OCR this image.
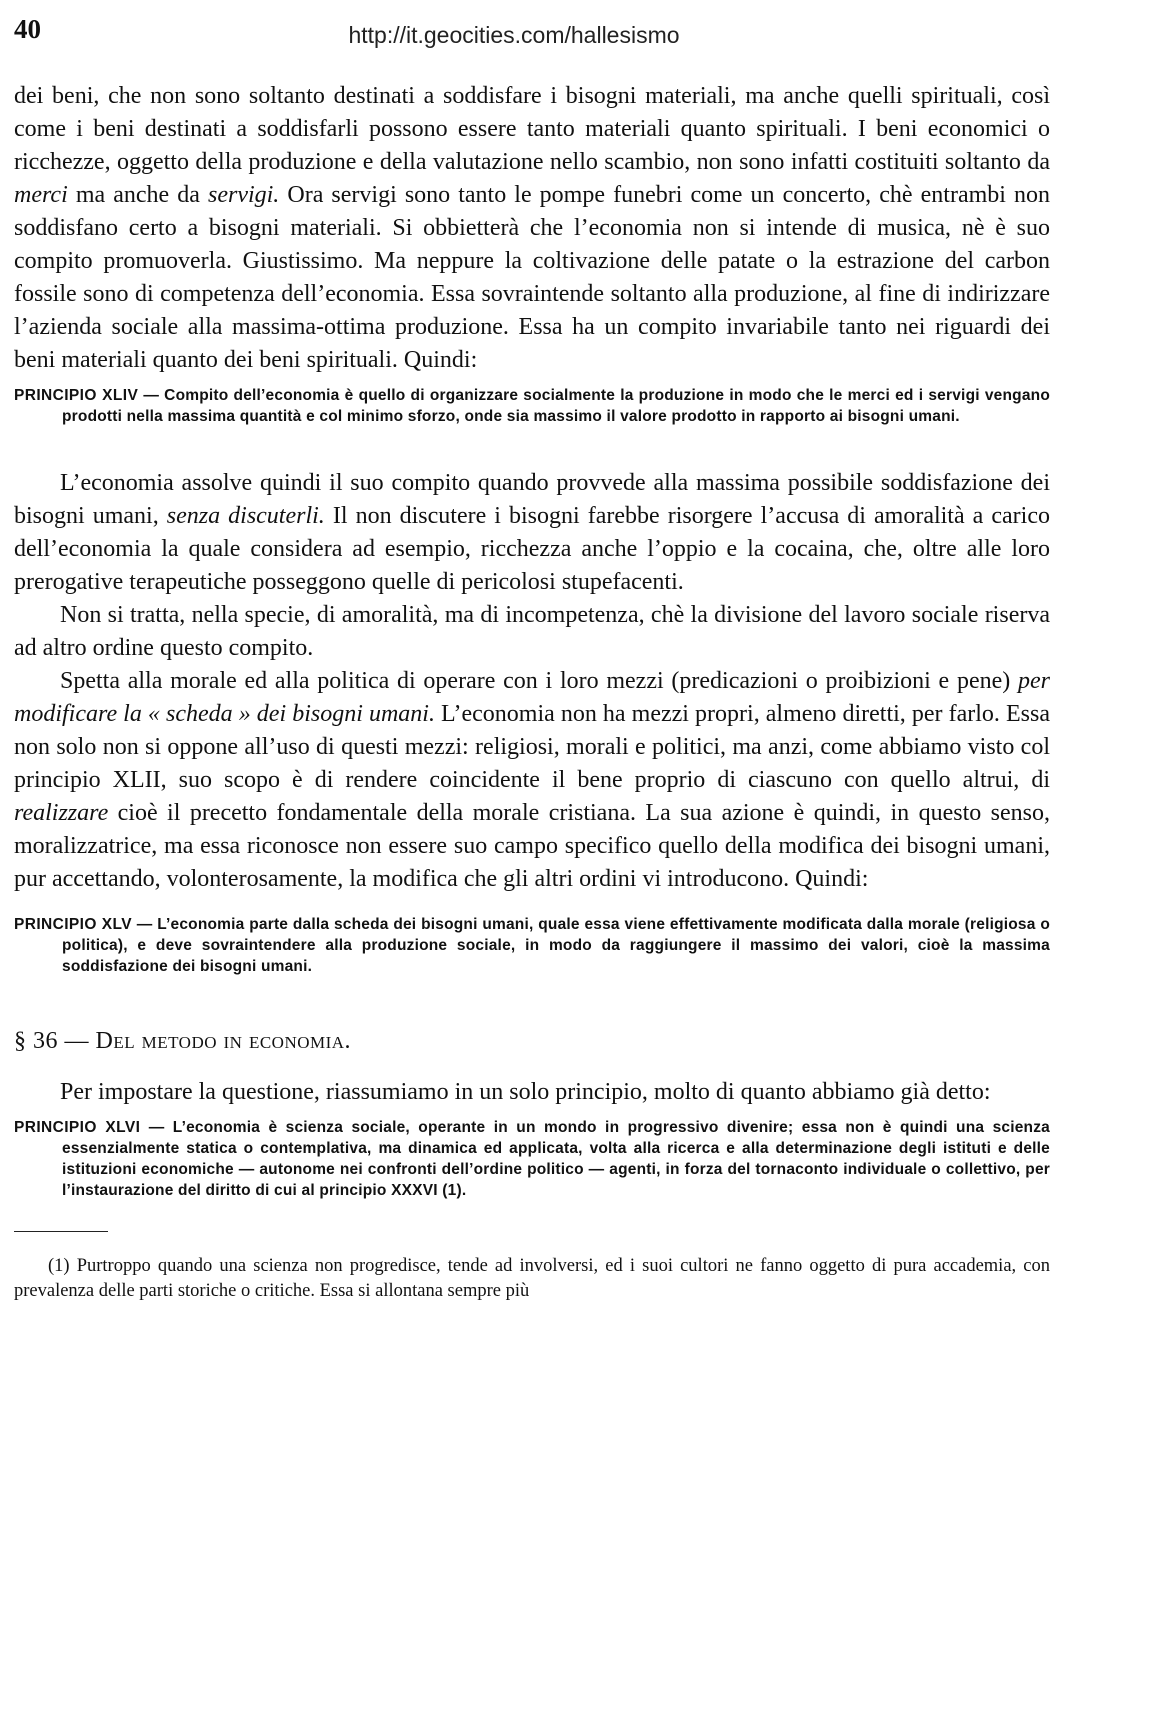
40	http://it.geocities.com/hallesismo

dei beni, che non sono soltanto destinati a soddisfare i bisogni materiali, ma anche quelli spirituali, così come i beni destinati a soddisfarli possono essere tanto materiali quanto spirituali. I beni economici o ricchezze, oggetto della produzione e della valutazione nello scambio, non sono infatti costituiti soltanto da merci ma anche da servigi. Ora servigi sono tanto le pompe funebri come un concerto, chè entrambi non soddisfano certo a bisogni materiali. Si obbietterà che l’economia non si intende di musica, nè è suo compito promuoverla. Giustissimo. Ma neppure la coltivazione delle patate o la estrazione del carbon fossile sono di competenza dell’economia. Essa sovraintende soltanto alla produzione, al fine di indirizzare l’azienda sociale alla massima-ottima produzione. Essa ha un compito invariabile tanto nei riguardi dei beni materiali quanto dei beni spirituali. Quindi:

PRINCIPIO XLIV — Compito dell’economia è quello di organizzare socialmente la produzione in modo che le merci ed i servigi vengano prodotti nella massima quantità e col minimo sforzo, onde sia massimo il valore prodotto in rapporto ai bisogni umani.

L’economia assolve quindi il suo compito quando provvede alla massima possibile soddisfazione dei bisogni umani, senza discuterli. Il non discutere i bisogni farebbe risorgere l’accusa di amoralità a carico dell’economia la quale considera ad esempio, ricchezza anche l’oppio e la cocaina, che, oltre alle loro prerogative terapeutiche posseggono quelle di pericolosi stupefacenti.

Non si tratta, nella specie, di amoralità, ma di incompetenza, chè la divisione del lavoro sociale riserva ad altro ordine questo compito.

Spetta alla morale ed alla politica di operare con i loro mezzi (predicazioni o proibizioni e pene) per modificare la « scheda » dei bisogni umani. L’economia non ha mezzi propri, almeno diretti, per farlo. Essa non solo non si oppone all’uso di questi mezzi: religiosi, morali e politici, ma anzi, come abbiamo visto col principio XLII, suo scopo è di rendere coincidente il bene proprio di ciascuno con quello altrui, di realizzare cioè il precetto fondamentale della morale cristiana. La sua azione è quindi, in questo senso, moralizzatrice, ma essa riconosce non essere suo campo specifico quello della modifica dei bisogni umani, pur accettando, volonterosamente, la modifica che gli altri ordini vi introducono. Quindi:

PRINCIPIO XLV — L’economia parte dalla scheda dei bisogni umani, quale essa viene effettivamente modificata dalla morale (religiosa o politica), e deve sovraintendere alla produzione sociale, in modo da raggiungere il massimo dei valori, cioè la massima soddisfazione dei bisogni umani.

§ 36 — Del metodo in economia.

Per impostare la questione, riassumiamo in un solo principio, molto di quanto abbiamo già detto:

PRINCIPIO XLVI — L’economia è scienza sociale, operante in un mondo in progressivo divenire; essa non è quindi una scienza essenzialmente statica o contemplativa, ma dinamica ed applicata, volta alla ricerca e alla determinazione degli istituti e delle istituzioni economiche — autonome nei confronti dell’ordine politico — agenti, in forza del tornaconto individuale o collettivo, per l’instaurazione del diritto di cui al principio XXXVI (1).

(1) Purtroppo quando una scienza non progredisce, tende ad involversi, ed i suoi cultori ne fanno oggetto di pura accademia, con prevalenza delle parti storiche o critiche. Essa si allontana sempre più
